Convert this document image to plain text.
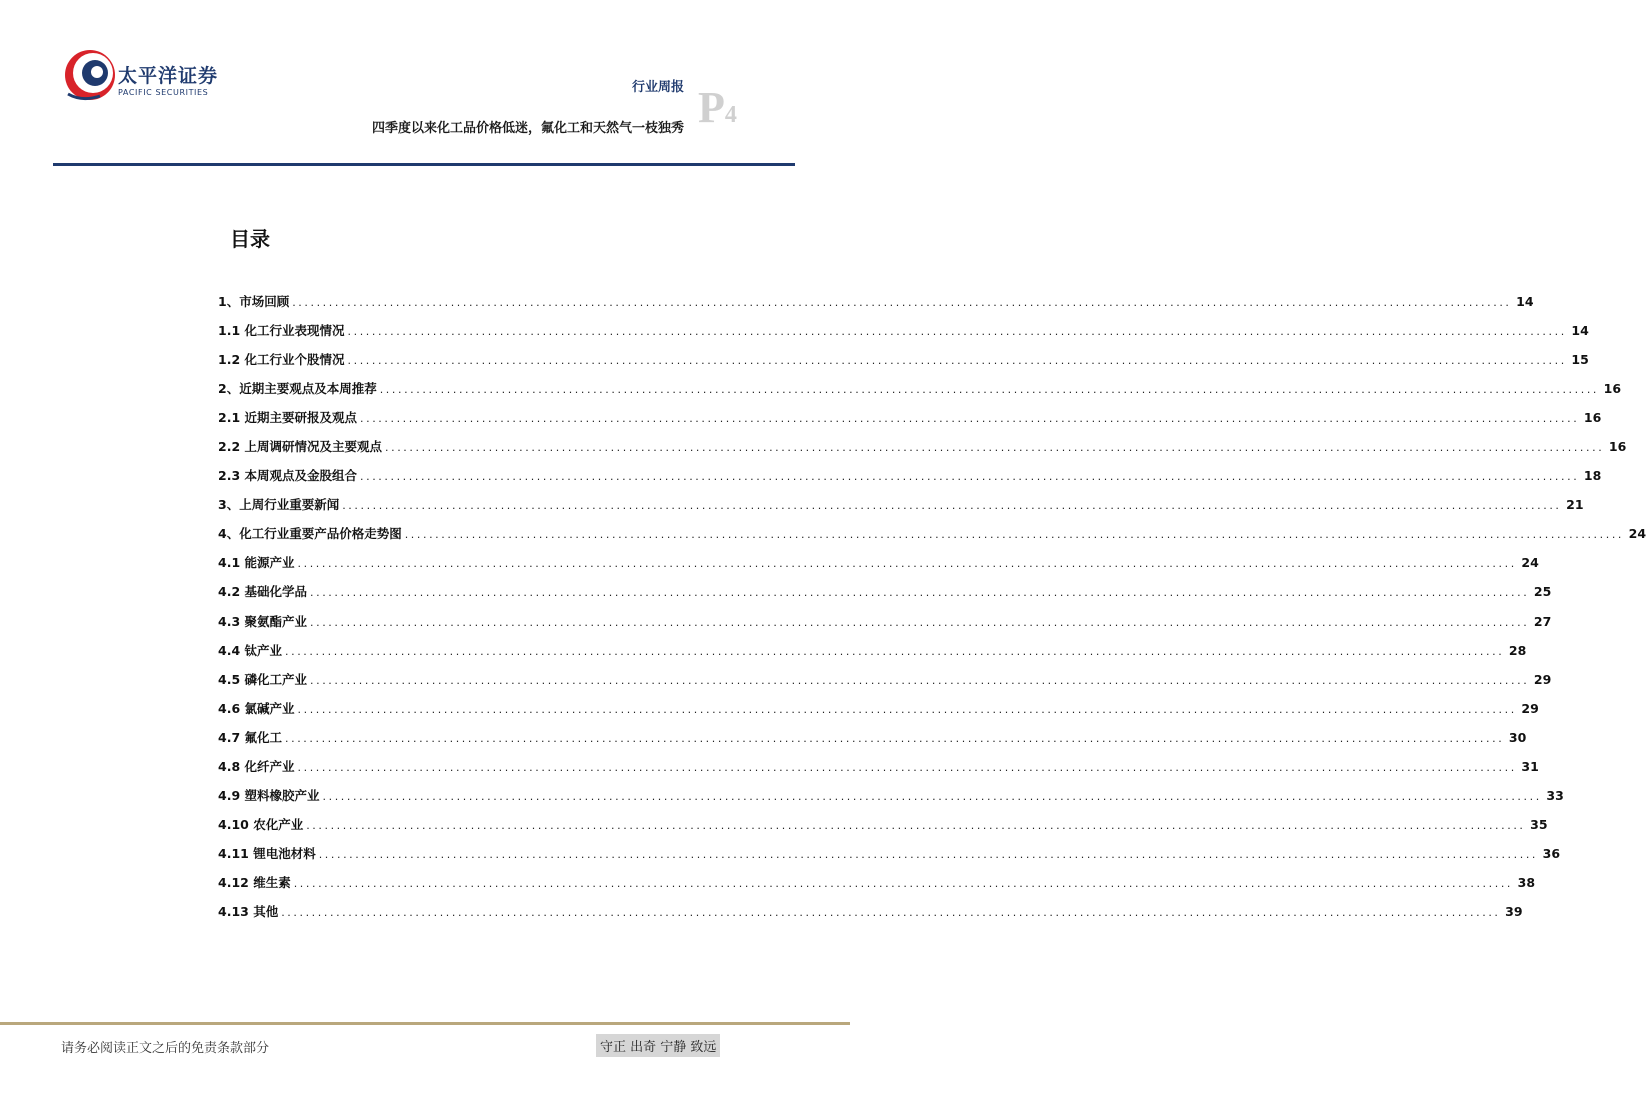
太平洋证券
PACIFIC SECURITIES	行业周报 P4
四季度以来化工品价格低迷，氟化工和天然气一枝独秀
目录
1、市场回顾 ........................................................................................................................................................................................................ 14
1.1 化工行业表现情况 ........................................................................................................................................................................................................ 14
1.2 化工行业个股情况 ........................................................................................................................................................................................................ 15
2、近期主要观点及本周推荐 ........................................................................................................................................................................................................ 16
2.1 近期主要研报及观点 ........................................................................................................................................................................................................ 16
2.2 上周调研情况及主要观点 ........................................................................................................................................................................................................ 16
2.3 本周观点及金股组合 ........................................................................................................................................................................................................ 18
3、上周行业重要新闻 ........................................................................................................................................................................................................ 21
4、化工行业重要产品价格走势图 ........................................................................................................................................................................................................ 24
4.1 能源产业 ........................................................................................................................................................................................................ 24
4.2 基础化学品 ........................................................................................................................................................................................................ 25
4.3 聚氨酯产业 ........................................................................................................................................................................................................ 27
4.4 钛产业 ........................................................................................................................................................................................................ 28
4.5 磷化工产业 ........................................................................................................................................................................................................ 29
4.6 氯碱产业 ........................................................................................................................................................................................................ 29
4.7 氟化工 ........................................................................................................................................................................................................ 30
4.8 化纤产业 ........................................................................................................................................................................................................ 31
4.9 塑料橡胶产业 ........................................................................................................................................................................................................ 33
4.10 农化产业 ........................................................................................................................................................................................................ 35
4.11 锂电池材料 ........................................................................................................................................................................................................ 36
4.12 维生素 ........................................................................................................................................................................................................ 38
4.13 其他 ........................................................................................................................................................................................................ 39
请务必阅读正文之后的免责条款部分	守正 出奇 宁静 致远
